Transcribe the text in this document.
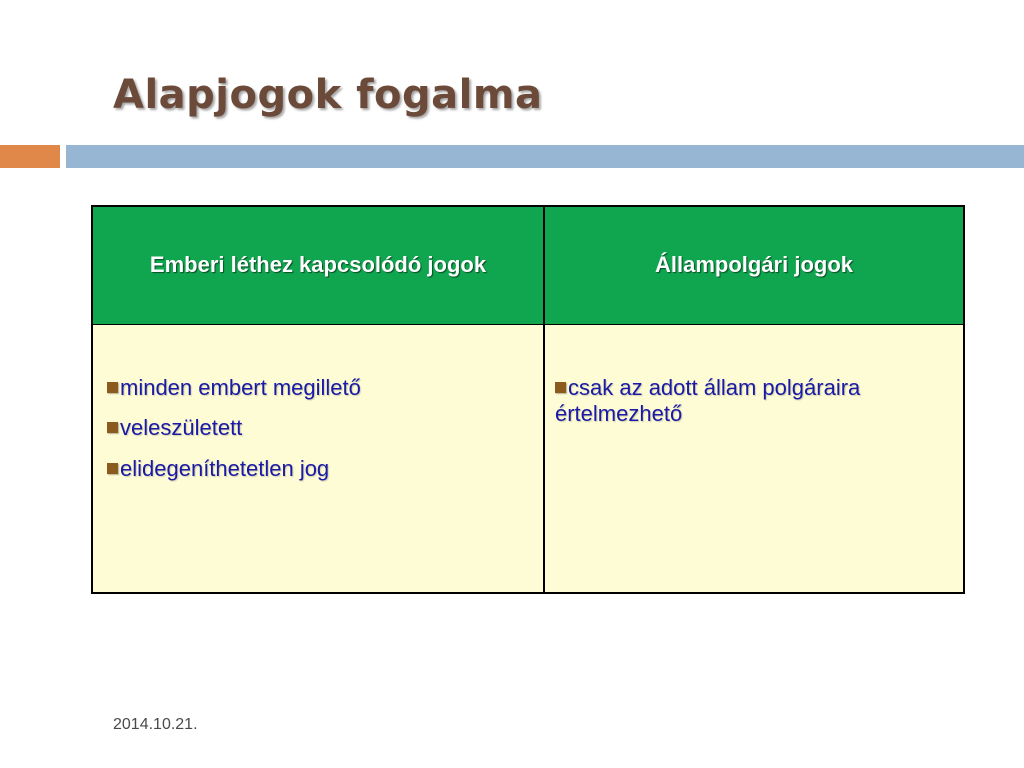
Alapjogok fogalma
Emberi léthez kapcsolódó jogok	Állampolgári jogok
minden embert megillető
veleszületett
elidegeníthetetlen jog
csak az adott állam polgáraira értelmezhető
2014.10.21.
